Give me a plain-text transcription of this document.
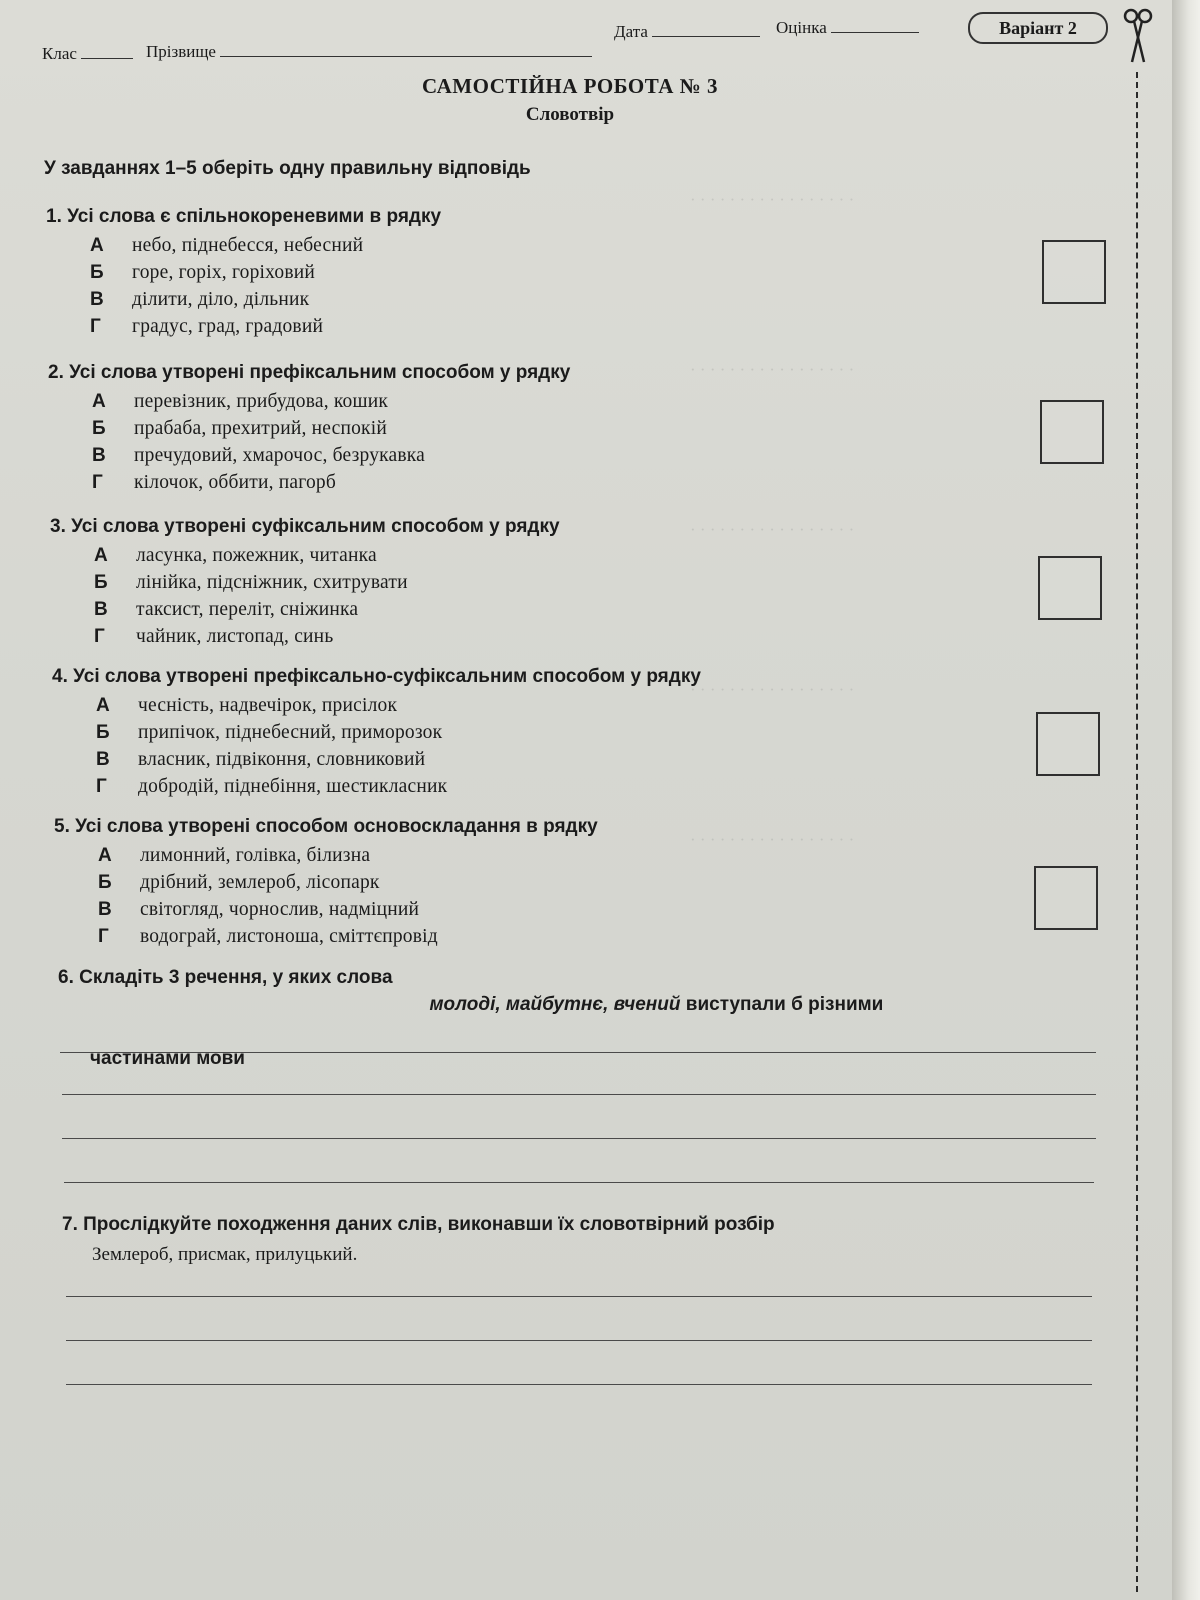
· · · · · · · · · · · · · · · · ·
· · · · · · · · · · · · · · · · ·
· · · · · · · · · · · · · · · · ·
· · · · · · · · · · · · · · · · ·
· · · · · · · · · · · · · · · · ·
Клас	Прізвище
Дата	Оцінка	Варіант 2
САМОСТІЙНА РОБОТА № 3
Словотвір
У завданнях 1–5 оберіть одну правильну відповідь
1. Усі слова є спільнокореневими в рядку
А небо, піднебесся, небесний
Б горе, горіх, горіховий
В ділити, діло, дільник
Г градус, град, градовий
2. Усі слова утворені префіксальним способом у рядку
А перевізник, прибудова, кошик
Б прабаба, прехитрий, неспокій
В пречудовий, хмарочос, безрукавка
Г кілочок, оббити, пагорб
3. Усі слова утворені суфіксальним способом у рядку
А ласунка, пожежник, читанка
Б лінійка, підсніжник, схитрувати
В таксист, переліт, сніжинка
Г чайник, листопад, синь
4. Усі слова утворені префіксально-суфіксальним способом у рядку
А чесність, надвечірок, присілок
Б припічок, піднебесний, приморозок
В власник, підвіконня, словниковий
Г добродій, піднебіння, шестикласник
5. Усі слова утворені способом основоскладання в рядку
А лимонний, голівка, білизна
Б дрібний, землероб, лісопарк
В світогляд, чорнослив, надміцний
Г водограй, листоноша, сміттєпровід
6. Складіть 3 речення, у яких слова

молоді, майбутнє, вчений виступали б різними

частинами мови
7. Прослідкуйте походження даних слів, виконавши їх словотвірний розбір
Землероб, присмак, прилуцький.
